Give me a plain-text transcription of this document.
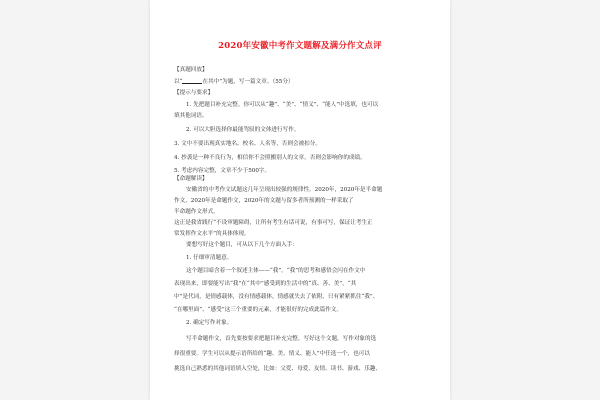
2020年安徽中考作文题解及满分作文点评
【真题回放】
以“	在其中”为题，写一篇文章。（55分）
【提示与要求】
1. 先把题目补充完整。你可以从“趣”、“美”、“情义”、“能人”中选填，也可以
填其他词语。
2. 可以大胆选择你最能驾驭的文体进行写作。
3. 文中不要出现真实地名、校名、人名等，否则会被扣分。
4. 抄袭是一种不良行为，相信你不会照搬别人的文章，否则会影响你的成绩。
5. 考虑内容完整，文章不少于500字。
【命题解读】
安徽省的中考作文试题这几年呈现出较强的规律性。2020年，2020年是半命题
作文，2020年是命题作文，2020年的文题与留多者所预测的一样采取了
半命题作文形式。
这正是我省践行“不设审题障碍，让所有考生有话可说，有事可写，保证让考生正
常发挥作文水平”的具体体现。
要想写好这个题目，可从以下几个方面入手：
1. 仔细审清题意。
这个题目暗含着一个叙述主体——“我”。“我”的思考和感悟会闪在作文中
表现出来，即要能写出“我”在“其中”感受到的生活中的“真、善、美”。“其
中”是代词，是情感载体，没有情感载体，情感就失去了依附，只有紧紧抓住“我”、
“在哪里面”、“感受”这三个重要的元素，才能很好的完成此篇作文。
2. 确定写作对象。
写半命题作文，首先要按要求把题目补充完整。写好这个文题，写作对象的选
择很重要。学生可以从提示语所给的“趣、美、情义、能人”中任选一个，也可以
挑选自己熟悉的其他词语填入空处，比如：父爱、母爱、友情、读书、游戏、乐趣、
